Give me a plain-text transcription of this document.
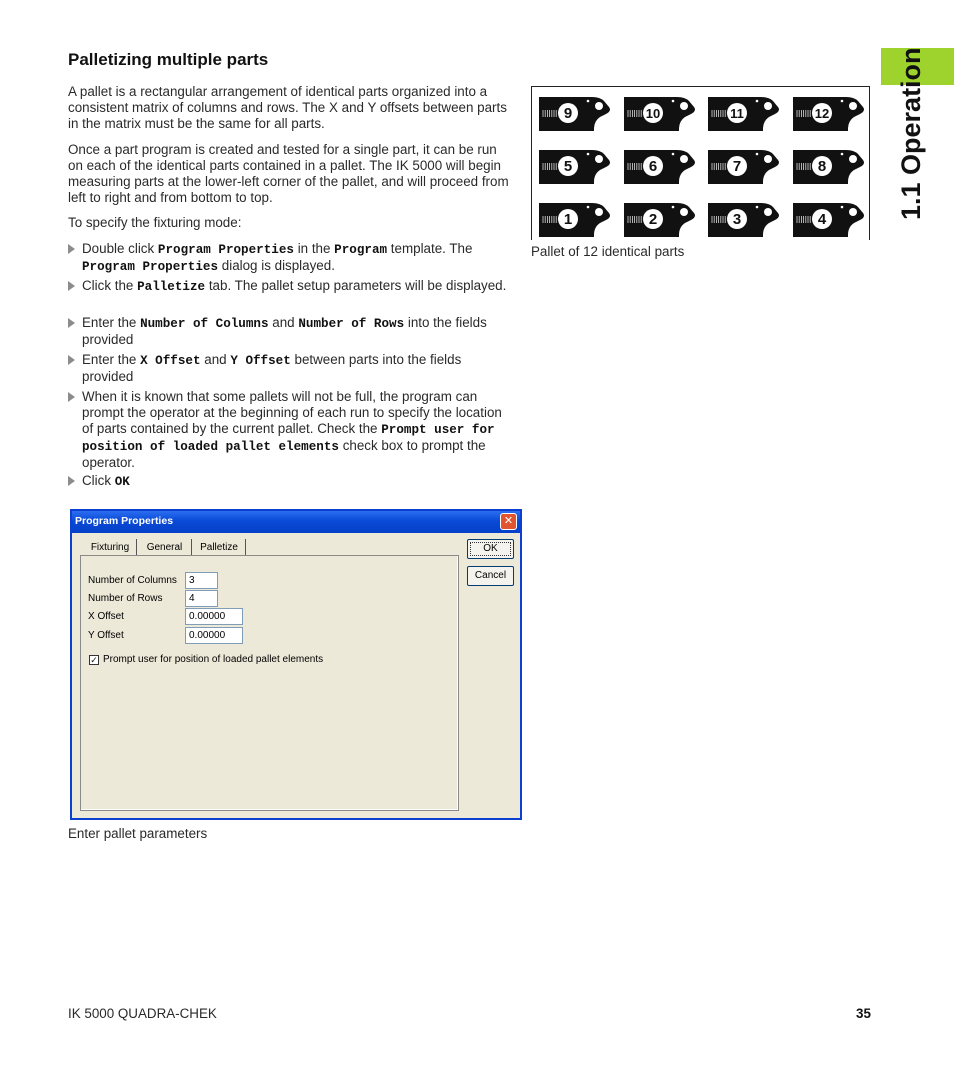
1.1 Operation
Palletizing multiple parts

A pallet is a rectangular arrangement of identical parts organized into a consistent matrix of columns and rows. The X and Y offsets between parts in the matrix must be the same for all parts.

Once a part program is created and tested for a single part, it can be run on each of the identical parts contained in a pallet. The IK 5000 will begin measuring parts at the lower-left corner of the pallet, and will proceed from left to right and from bottom to top.

To specify the fixturing mode:

Double click Program Properties in the Program template. The Program Properties dialog is displayed.
Click the Palletize tab. The pallet setup parameters will be displayed.
Enter the Number of Columns and Number of Rows into the fields provided
Enter the X Offset and Y Offset between parts into the fields provided
When it is known that some pallets will not be full, the program can prompt the operator at the beginning of each run to specify the location of parts contained by the current pallet. Check the Prompt user for position of loaded pallet elements check box to prompt the operator.
Click OK
9	10	11	12
5	6	7	8
1	2	3	4
Pallet of 12 identical parts
Program Properties	✕
Fixturing	General	Palletize
Number of Columns	3
Number of Rows	4
X Offset	0.00000
Y Offset	0.00000
✓ Prompt user for position of loaded pallet elements
OK
Cancel
Enter pallet parameters
IK 5000 QUADRA-CHEK	35
